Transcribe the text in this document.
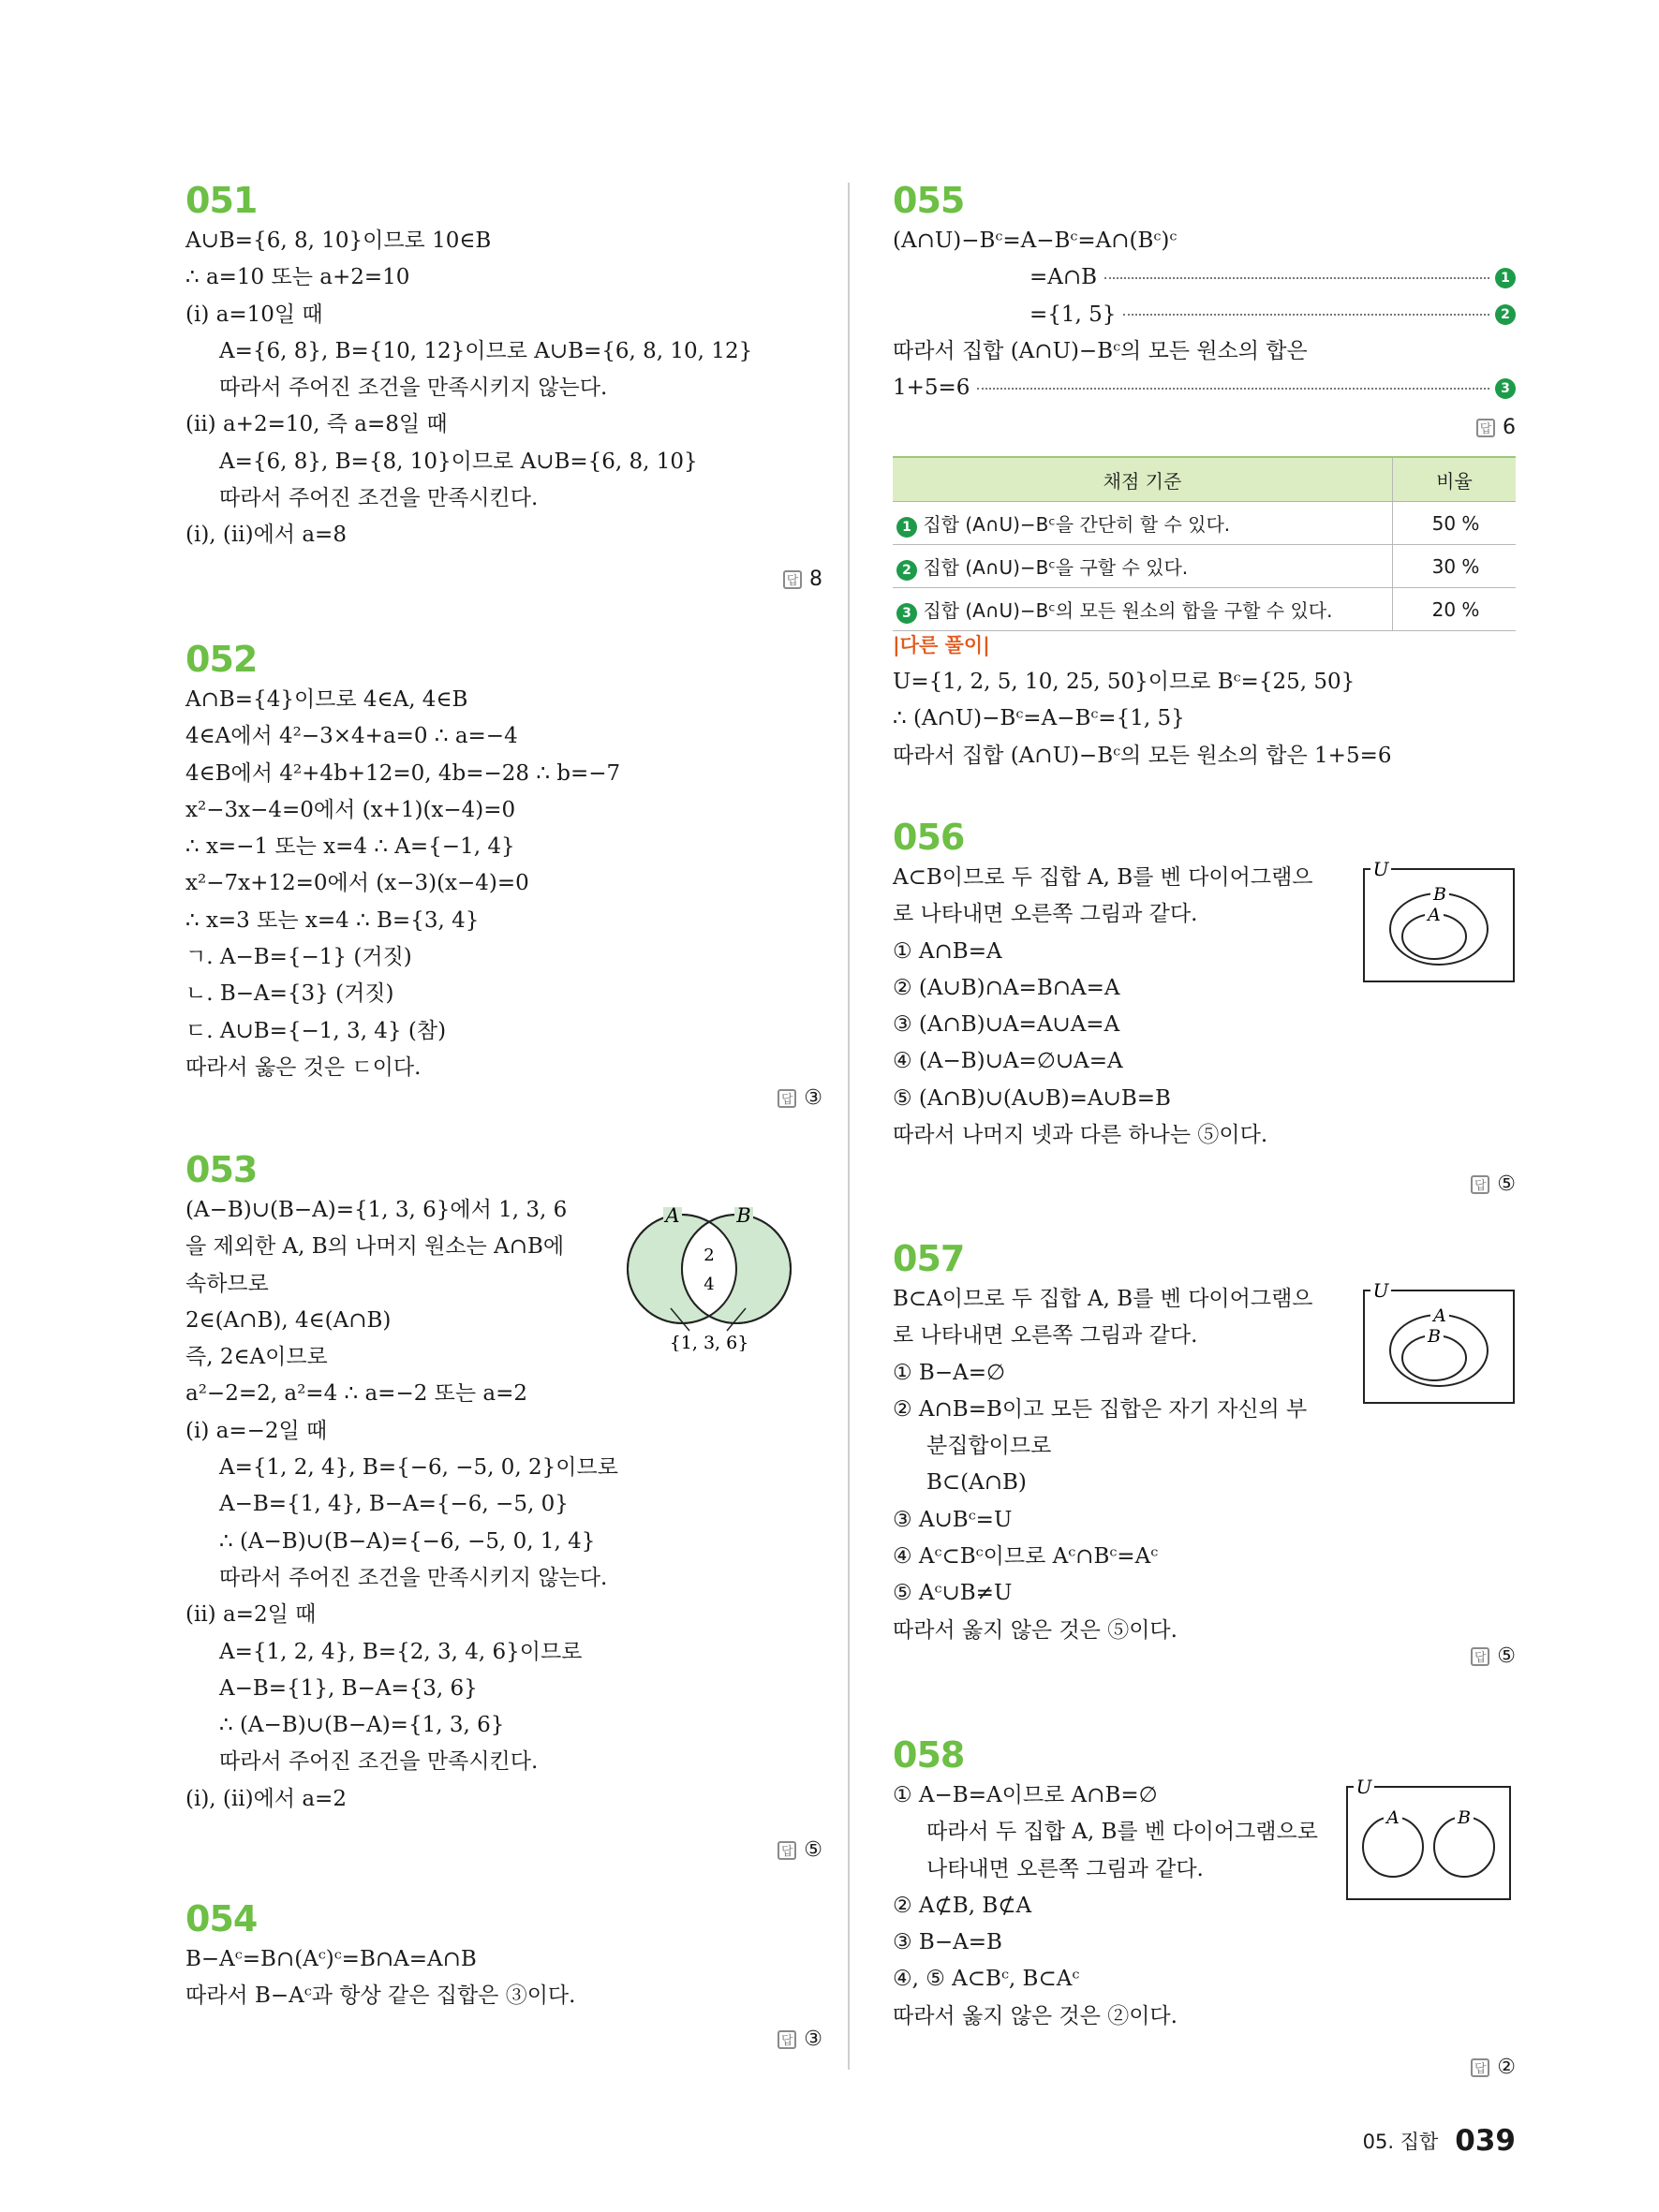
051
A∪B={6, 8, 10}이므로 10∈B
∴ a=10 또는 a+2=10
(ⅰ) a=10일 때
A={6, 8}, B={10, 12}이므로 A∪B={6, 8, 10, 12}
따라서 주어진 조건을 만족시키지 않는다.
(ⅱ) a+2=10, 즉 a=8일 때
A={6, 8}, B={8, 10}이므로 A∪B={6, 8, 10}
따라서 주어진 조건을 만족시킨다.
(ⅰ), (ⅱ)에서 a=8
답 8
052
A∩B={4}이므로 4∈A, 4∈B
4∈A에서 4²−3×4+a=0 ∴ a=−4
4∈B에서 4²+4b+12=0, 4b=−28 ∴ b=−7
x²−3x−4=0에서 (x+1)(x−4)=0
∴ x=−1 또는 x=4 ∴ A={−1, 4}
x²−7x+12=0에서 (x−3)(x−4)=0
∴ x=3 또는 x=4 ∴ B={3, 4}
ㄱ. A−B={−1} (거짓)
ㄴ. B−A={3} (거짓)
ㄷ. A∪B={−1, 3, 4} (참)
따라서 옳은 것은 ㄷ이다.
답 ③
053
(A−B)∪(B−A)={1, 3, 6}에서 1, 3, 6
을 제외한 A, B의 나머지 원소는 A∩B에
속하므로
2∈(A∩B), 4∈(A∩B)
즉, 2∈A이므로
a²−2=2, a²=4 ∴ a=−2 또는 a=2
(ⅰ) a=−2일 때
A={1, 2, 4}, B={−6, −5, 0, 2}이므로
A−B={1, 4}, B−A={−6, −5, 0}
∴ (A−B)∪(B−A)={−6, −5, 0, 1, 4}
따라서 주어진 조건을 만족시키지 않는다.
(ⅱ) a=2일 때
A={1, 2, 4}, B={2, 3, 4, 6}이므로
A−B={1}, B−A={3, 6}
∴ (A−B)∪(B−A)={1, 3, 6}
따라서 주어진 조건을 만족시킨다.
(ⅰ), (ⅱ)에서 a=2
A	B
2
4
{1, 3, 6}
답 ⑤
054
B−Aᶜ=B∩(Aᶜ)ᶜ=B∩A=A∩B
따라서 B−Aᶜ과 항상 같은 집합은 ③이다.
답 ③
055
(A∩U)−Bᶜ=A−Bᶜ=A∩(Bᶜ)ᶜ
=A∩B	1
={1, 5}	2
따라서 집합 (A∩U)−Bᶜ의 모든 원소의 합은
1+5=6	3
답 6
채점 기준	비율
1 집합 (A∩U)−Bᶜ을 간단히 할 수 있다.	50 %
2 집합 (A∩U)−Bᶜ을 구할 수 있다.	30 %
3 집합 (A∩U)−Bᶜ의 모든 원소의 합을 구할 수 있다.	20 %
|다른 풀이|
U={1, 2, 5, 10, 25, 50}이므로 Bᶜ={25, 50}
∴ (A∩U)−Bᶜ=A−Bᶜ={1, 5}
따라서 집합 (A∩U)−Bᶜ의 모든 원소의 합은 1+5=6
056
A⊂B이므로 두 집합 A, B를 벤 다이어그램으
로 나타내면 오른쪽 그림과 같다.
① A∩B=A
② (A∪B)∩A=B∩A=A
③ (A∩B)∪A=A∪A=A
④ (A−B)∪A=∅∪A=A
⑤ (A∩B)∪(A∪B)=A∪B=B
따라서 나머지 넷과 다른 하나는 ⑤이다.
U
B
A
답 ⑤
057
B⊂A이므로 두 집합 A, B를 벤 다이어그램으
로 나타내면 오른쪽 그림과 같다.
① B−A=∅
② A∩B=B이고 모든 집합은 자기 자신의 부
분집합이므로
B⊂(A∩B)
③ A∪Bᶜ=U
④ Aᶜ⊂Bᶜ이므로 Aᶜ∩Bᶜ=Aᶜ
⑤ Aᶜ∪B≠U
따라서 옳지 않은 것은 ⑤이다.
U
A
B
답 ⑤
058
① A−B=A이므로 A∩B=∅
따라서 두 집합 A, B를 벤 다이어그램으로
나타내면 오른쪽 그림과 같다.
② A⊄B, B⊄A
③ B−A=B
④, ⑤ A⊂Bᶜ, B⊂Aᶜ
따라서 옳지 않은 것은 ②이다.
U
A	B
답 ②
05. 집합 039
